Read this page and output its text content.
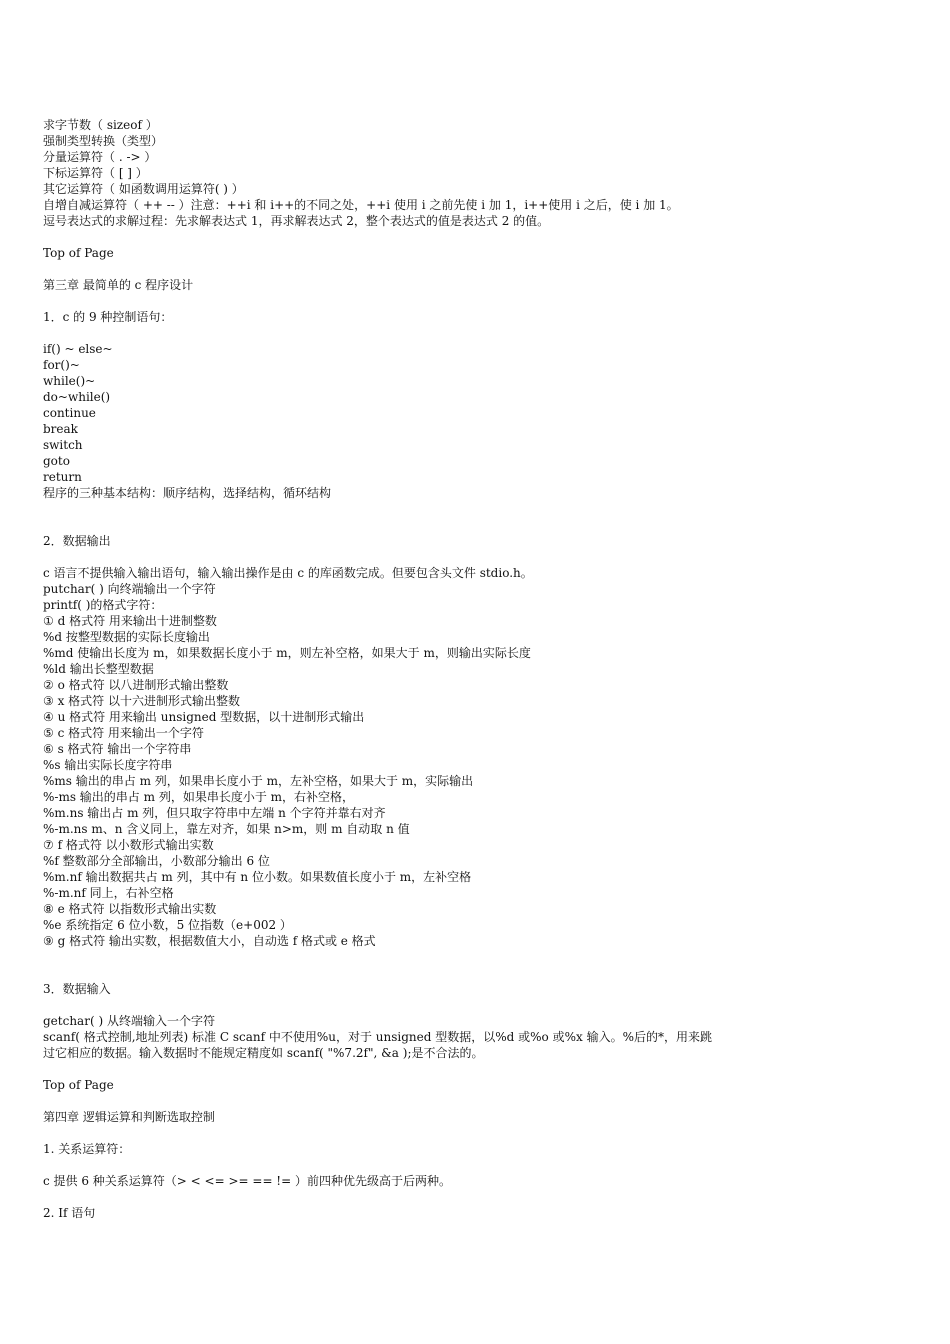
求字节数（ sizeof ）
强制类型转换（类型）
分量运算符（ . -> ）
下标运算符（ [ ] ）
其它运算符（ 如函数调用运算符( ) ）
自增自减运算符（ ++ -- ）注意：++i 和 i++的不同之处，++i 使用 i 之前先使 i 加 1，i++使用 i 之后，使 i 加 1。
逗号表达式的求解过程：先求解表达式 1，再求解表达式 2，整个表达式的值是表达式 2 的值。
Top of Page
第三章 最简单的 c 程序设计
1．c 的 9 种控制语句：
if() ~ else~
for()~
while()~
do~while()
continue
break
switch
goto
return
程序的三种基本结构：顺序结构，选择结构，循环结构
2．数据输出
c 语言不提供输入输出语句，输入输出操作是由 c 的库函数完成。但要包含头文件 stdio.h。
putchar( ) 向终端输出一个字符
printf( )的格式字符：
① d 格式符 用来输出十进制整数
%d 按整型数据的实际长度输出
%md 使输出长度为 m，如果数据长度小于 m，则左补空格，如果大于 m，则输出实际长度
%ld 输出长整型数据
② o 格式符 以八进制形式输出整数
③ x 格式符 以十六进制形式输出整数
④ u 格式符 用来输出 unsigned 型数据，以十进制形式输出
⑤ c 格式符 用来输出一个字符
⑥ s 格式符 输出一个字符串
%s 输出实际长度字符串
%ms 输出的串占 m 列，如果串长度小于 m，左补空格，如果大于 m，实际输出
%-ms 输出的串占 m 列，如果串长度小于 m，右补空格，
%m.ns 输出占 m 列，但只取字符串中左端 n 个字符并靠右对齐
%-m.ns m、n 含义同上，靠左对齐，如果 n>m，则 m 自动取 n 值
⑦ f 格式符 以小数形式输出实数
%f 整数部分全部输出，小数部分输出 6 位
%m.nf 输出数据共占 m 列，其中有 n 位小数。如果数值长度小于 m，左补空格
%-m.nf 同上，右补空格
⑧ e 格式符 以指数形式输出实数
%e 系统指定 6 位小数，5 位指数（e+002 ）
⑨ g 格式符 输出实数，根据数值大小，自动选 f 格式或 e 格式
3．数据输入
getchar( ) 从终端输入一个字符
scanf( 格式控制,地址列表) 标准 C scanf 中不使用%u，对于 unsigned 型数据，以%d 或%o 或%x 输入。%后的*，用来跳
过它相应的数据。输入数据时不能规定精度如 scanf( "%7.2f", &a );是不合法的。
Top of Page
第四章 逻辑运算和判断选取控制
1. 关系运算符：
c 提供 6 种关系运算符（> < <= >= == != ）前四种优先级高于后两种。
2. If 语句
